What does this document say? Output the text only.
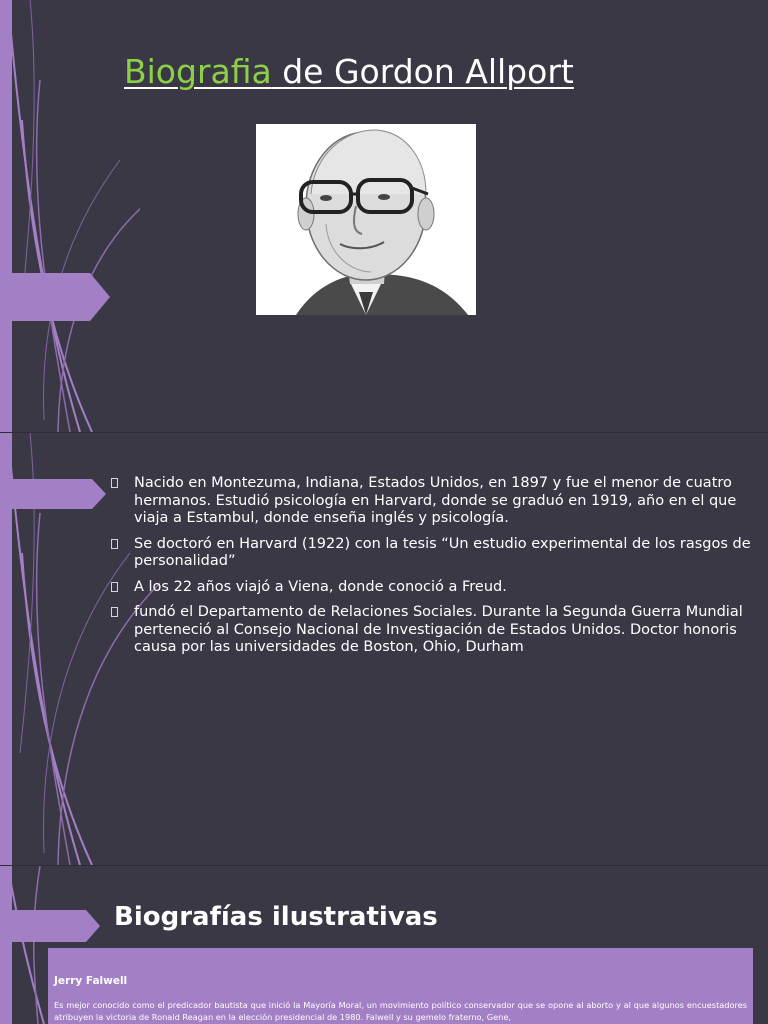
Biografia de Gordon Allport
Nacido en Montezuma, Indiana, Estados Unidos, en 1897 y fue el menor de cuatro hermanos. Estudió psicología en Harvard, donde se graduó en 1919, año en el que viaja a Estambul, donde enseña inglés y psicología.
Se doctoró en Harvard (1922) con la tesis “Un estudio experimental de los rasgos de personalidad”
A los 22 años viajó a Viena, donde conoció a Freud.
fundó el Departamento de Relaciones Sociales. Durante la Segunda Guerra Mundial perteneció al Consejo Nacional de Investigación de Estados Unidos. Doctor honoris causa por las universidades de Boston, Ohio, Durham
Biografías ilustrativas

Jerry Falwell

Es mejor conocido como el predicador bautista que inició la Mayoría Moral, un movimiento político conservador que se opone al aborto y al que algunos encuestadores atribuyen la victoria de Ronald Reagan en la elección presidencial de 1980. Falwell y su gemelo fraterno, Gene,
